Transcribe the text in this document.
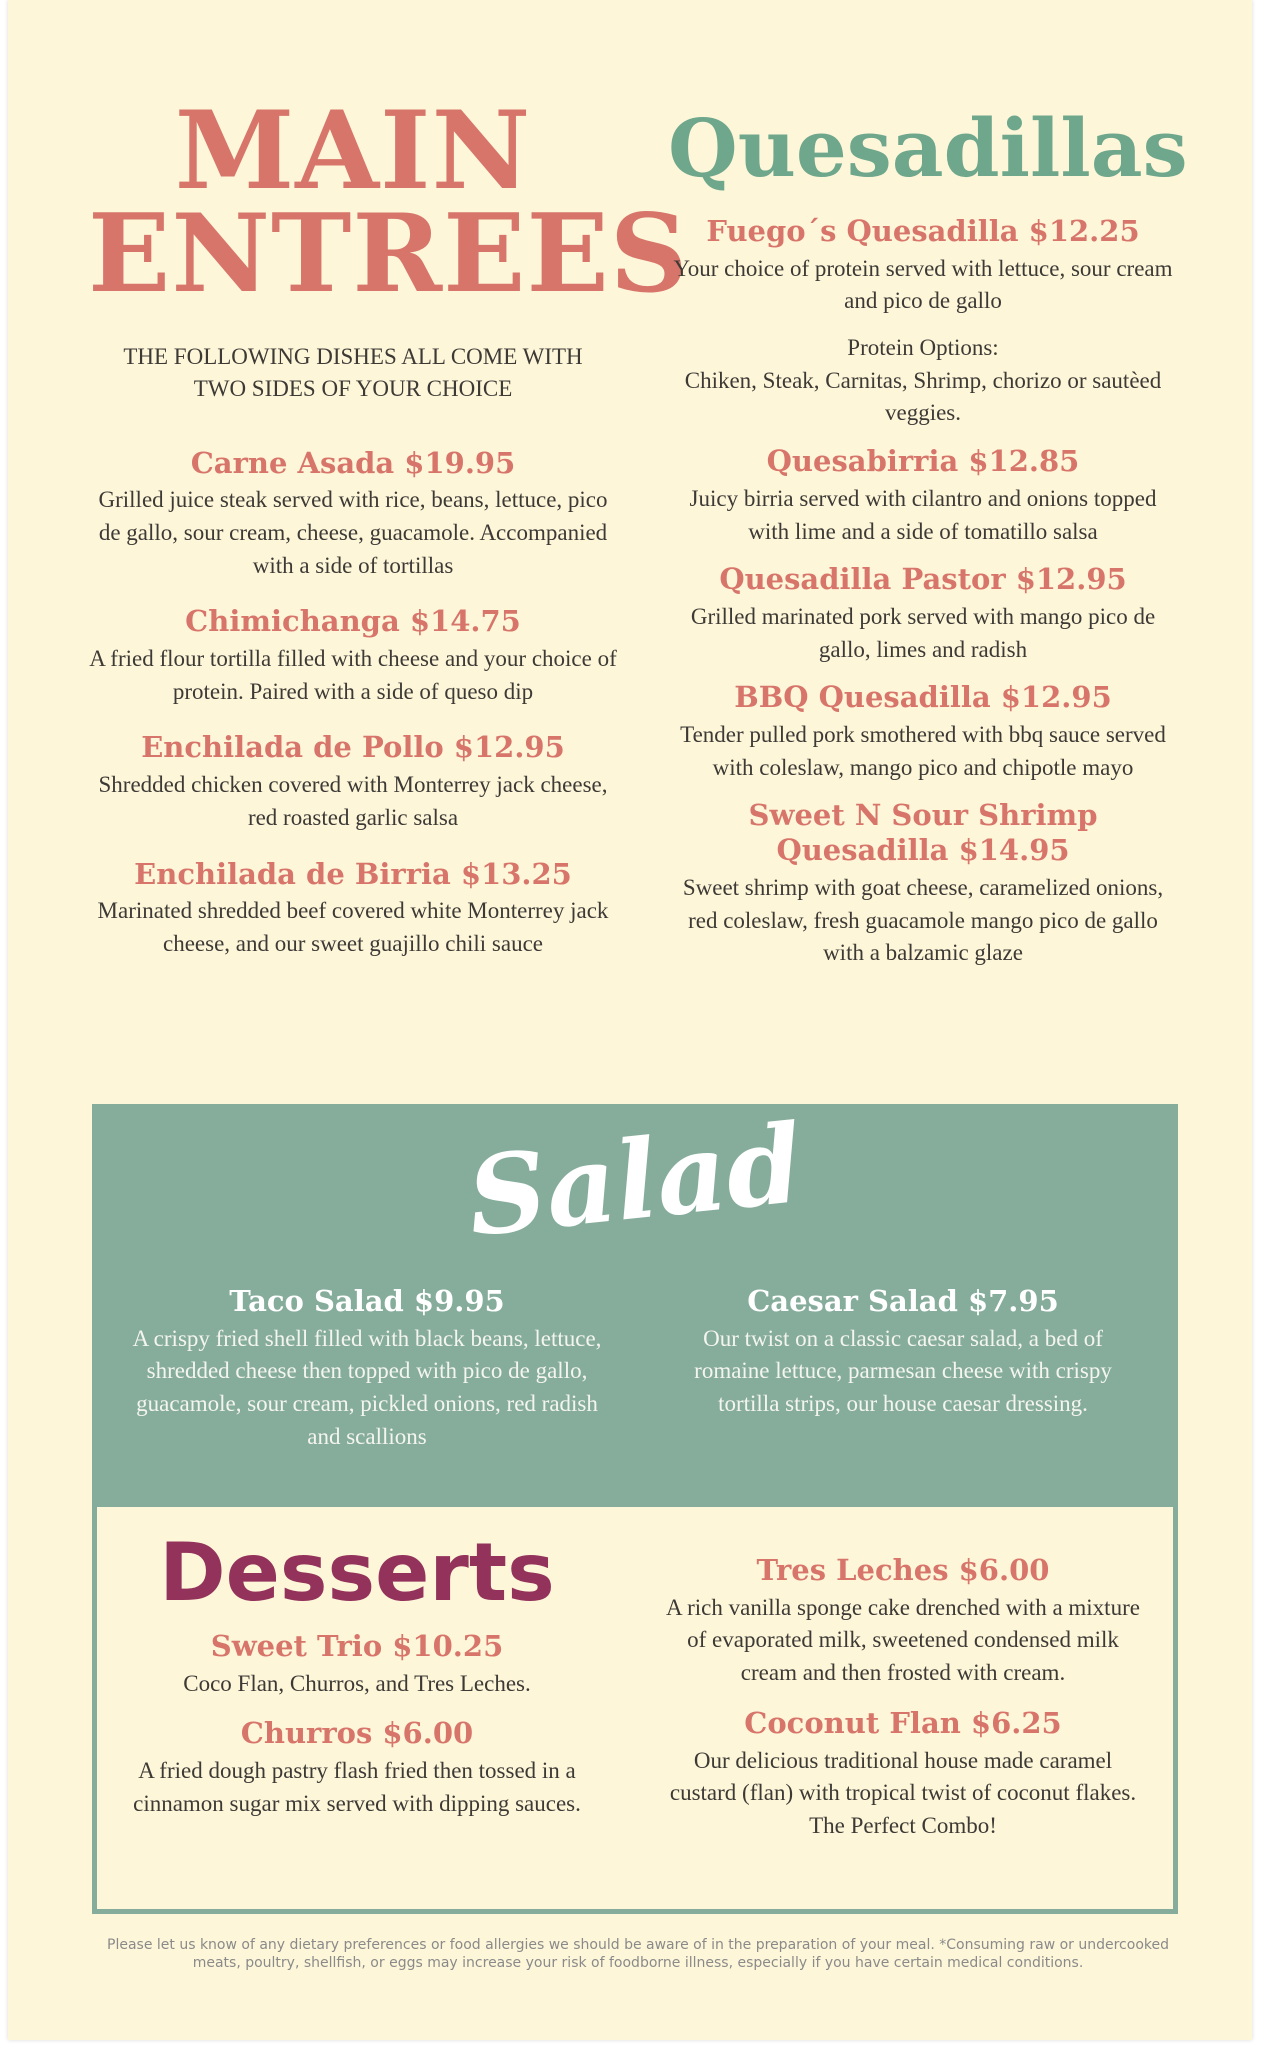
MAIN
ENTREES
THE FOLLOWING DISHES ALL COME WITH TWO SIDES OF YOUR CHOICE
Carne Asada $19.95
Grilled juice steak served with rice, beans, lettuce, pico de gallo, sour cream, cheese, guacamole. Accompanied with a side of tortillas
Chimichanga $14.75
A fried flour tortilla filled with cheese and your choice of protein. Paired with a side of queso dip
Enchilada de Pollo $12.95
Shredded chicken covered with Monterrey jack cheese, red roasted garlic salsa
Enchilada de Birria $13.25
Marinated shredded beef covered white Monterrey jack cheese, and our sweet guajillo chili sauce
Quesadillas
Fuego´s Quesadilla $12.25
Your choice of protein served with lettuce, sour cream and pico de gallo
Protein Options:
Chiken, Steak, Carnitas, Shrimp, chorizo or sautèed veggies.
Quesabirria $12.85
Juicy birria served with cilantro and onions topped with lime and a side of tomatillo salsa
Quesadilla Pastor $12.95
Grilled marinated pork served with mango pico de gallo, limes and radish
BBQ Quesadilla $12.95
Tender pulled pork smothered with bbq sauce served with coleslaw, mango pico and chipotle mayo
Sweet N Sour Shrimp Quesadilla $14.95
Sweet shrimp with goat cheese, caramelized onions, red coleslaw, fresh guacamole mango pico de gallo with a balzamic glaze
Salad
Taco Salad $9.95
A crispy fried shell filled with black beans, lettuce, shredded cheese then topped with pico de gallo, guacamole, sour cream, pickled onions, red radish and scallions
Caesar Salad $7.95
Our twist on a classic caesar salad, a bed of romaine lettuce, parmesan cheese with crispy tortilla strips, our house caesar dressing.
Desserts
Sweet Trio $10.25
Coco Flan, Churros, and Tres Leches.
Churros $6.00
A fried dough pastry flash fried then tossed in a cinnamon sugar mix served with dipping sauces.
Tres Leches $6.00
A rich vanilla sponge cake drenched with a mixture of evaporated milk, sweetened condensed milk cream and then frosted with cream.
Coconut Flan $6.25
Our delicious traditional house made caramel custard (flan) with tropical twist of coconut flakes. The Perfect Combo!
Please let us know of any dietary preferences or food allergies we should be aware of in the preparation of your meal. *Consuming raw or undercooked meats, poultry, shellfish, or eggs may increase your risk of foodborne illness, especially if you have certain medical conditions.
